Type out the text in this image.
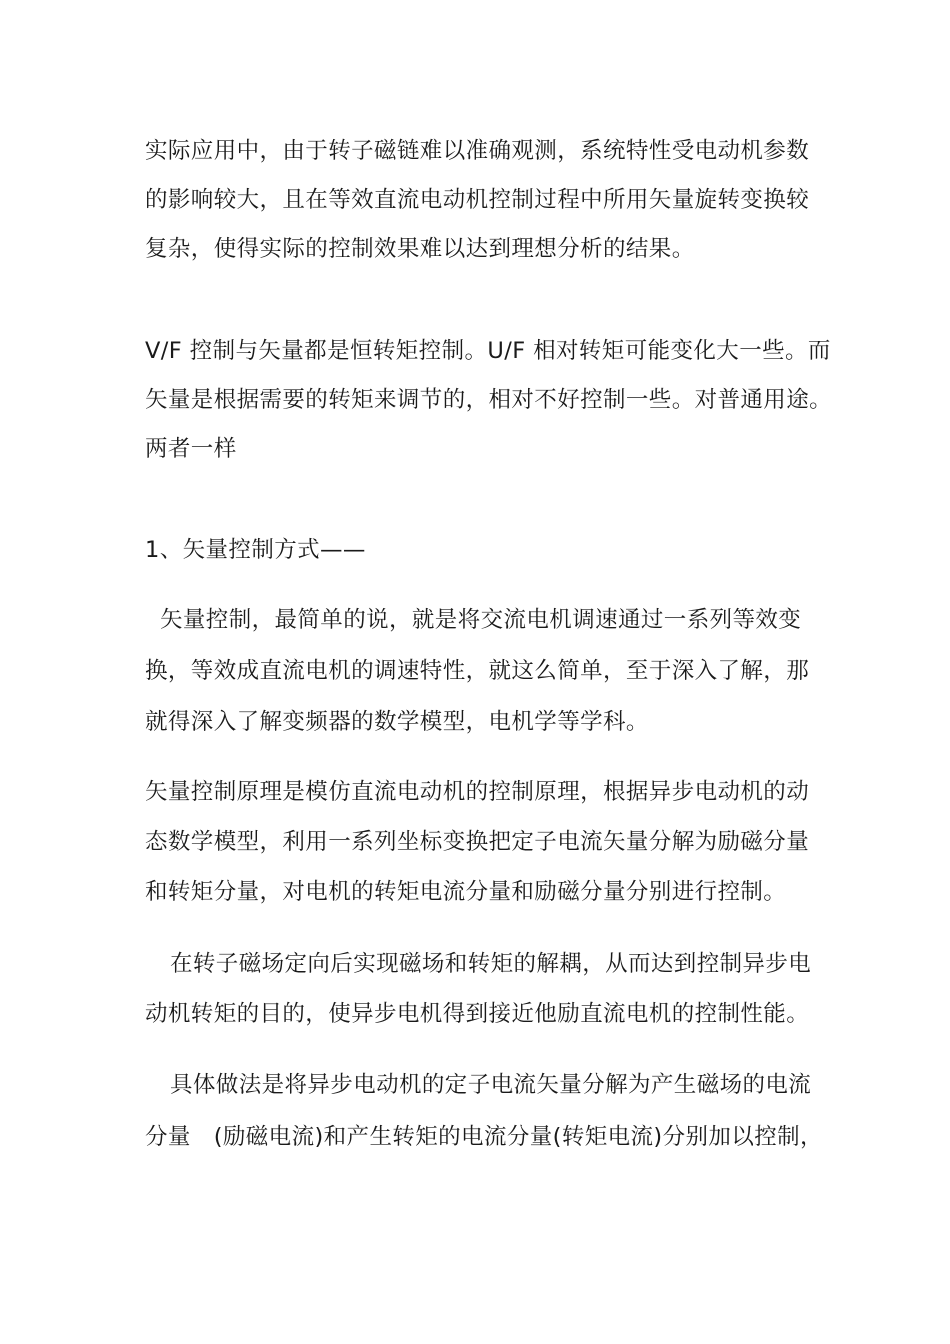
实际应用中，由于转子磁链难以准确观测，系统特性受电动机参数
的影响较大，且在等效直流电动机控制过程中所用矢量旋转变换较
复杂，使得实际的控制效果难以达到理想分析的结果。
V/F 控制与矢量都是恒转矩控制。U/F 相对转矩可能变化大一些。而
矢量是根据需要的转矩来调节的，相对不好控制一些。对普通用途。
两者一样
1、矢量控制方式——
矢量控制，最简单的说，就是将交流电机调速通过一系列等效变
换，等效成直流电机的调速特性，就这么简单，至于深入了解，那
就得深入了解变频器的数学模型，电机学等学科。
矢量控制原理是模仿直流电动机的控制原理，根据异步电动机的动
态数学模型，利用一系列坐标变换把定子电流矢量分解为励磁分量
和转矩分量，对电机的转矩电流分量和励磁分量分别进行控制。
在转子磁场定向后实现磁场和转矩的解耦，从而达到控制异步电
动机转矩的目的，使异步电机得到接近他励直流电机的控制性能。
具体做法是将异步电动机的定子电流矢量分解为产生磁场的电流
分量　(励磁电流)和产生转矩的电流分量(转矩电流)分别加以控制，
